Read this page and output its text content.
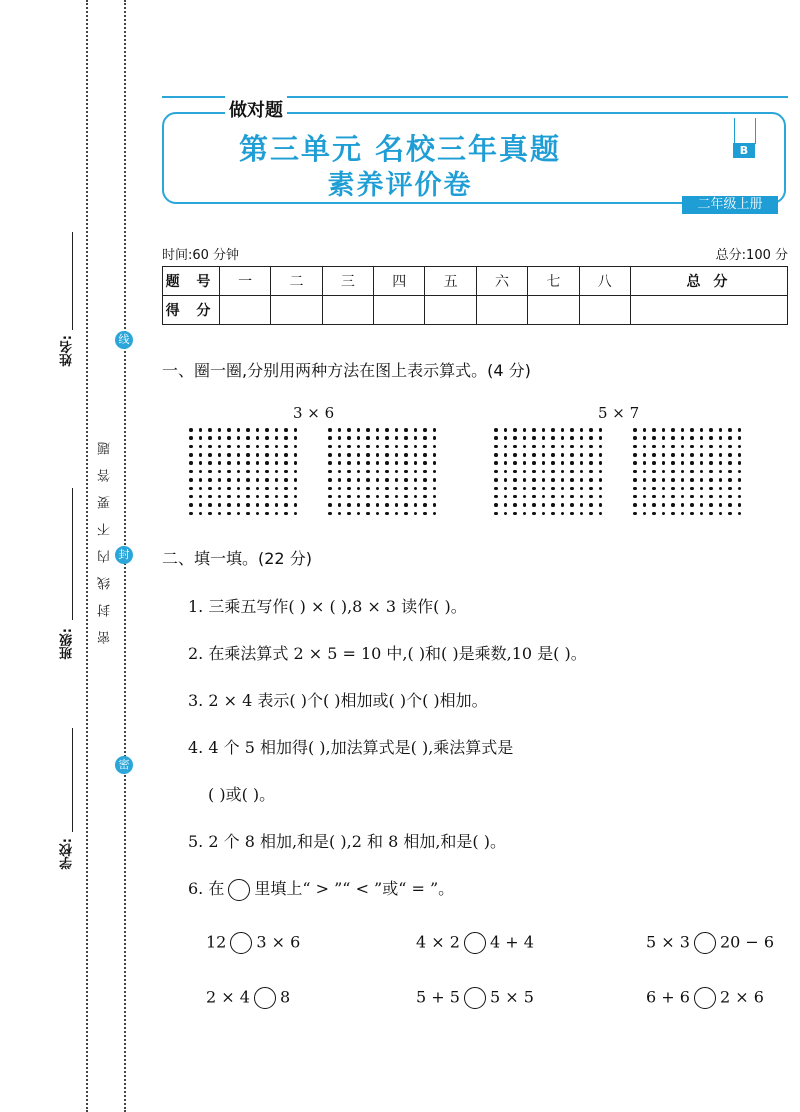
姓名:
班级:
学校:
线
封
密
密封线内不要答题
做对题
第三单元 名校三年真题
素养评价卷
B
二年级上册
时间:60 分钟	总分:100 分
题 号	一	二	三	四	五	六	七	八	总 分
得 分									
一、圈一圈,分别用两种方法在图上表示算式。(4 分)
3 × 6	5 × 7
二、填一填。(22 分)
1. 三乘五写作( ) × ( ),8 × 3 读作( )。
2. 在乘法算式 2 × 5 = 10 中,( )和( )是乘数,10 是( )。
3. 2 × 4 表示( )个( )相加或( )个( )相加。
4. 4 个 5 相加得( ),加法算式是( ),乘法算式是
( )或( )。
5. 2 个 8 相加,和是( ),2 和 8 相加,和是( )。
6. 在 里填上“ > ”“ < ”或“ = ”。
12 3 × 6	4 × 2 4 + 4	5 × 3 20 − 6
2 × 4 8	5 + 5 5 × 5	6 + 6 2 × 6
